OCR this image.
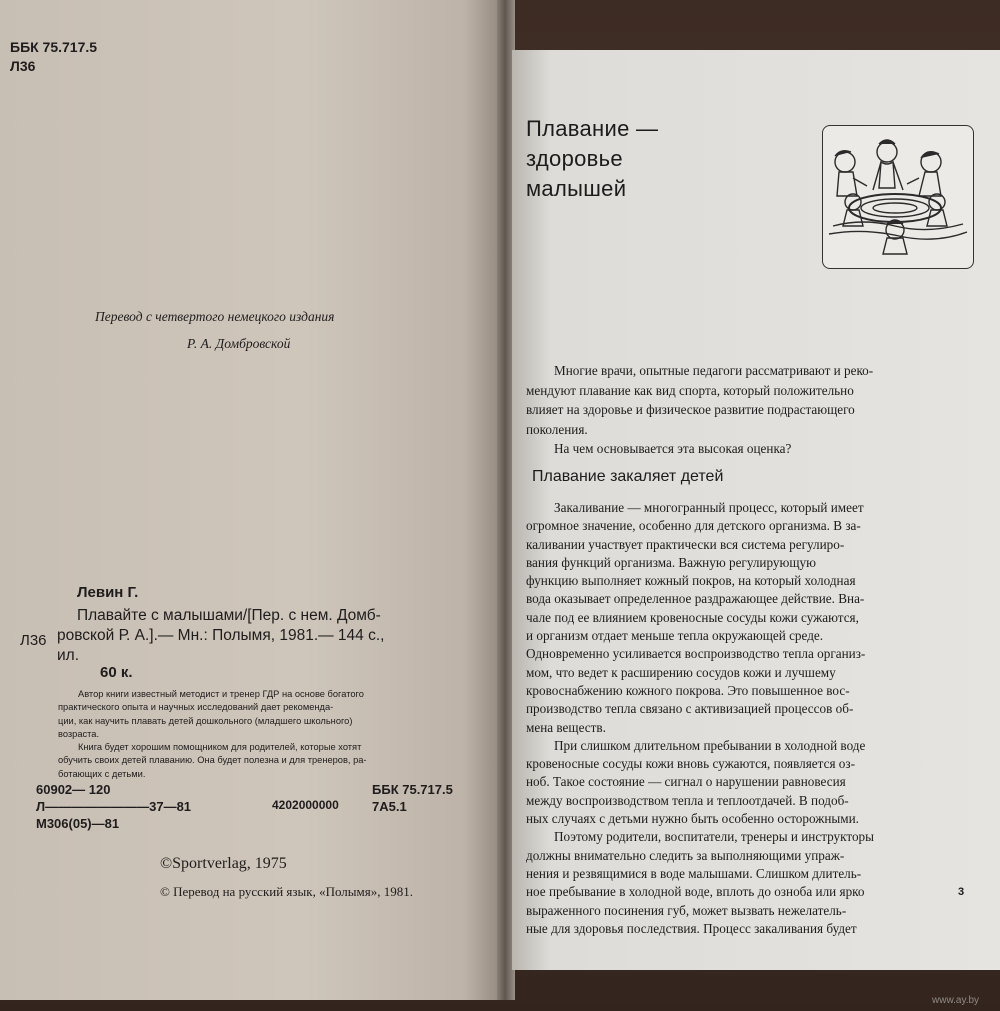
ББК 75.717.5
Л36
Перевод с четвертого немецкого издания
Р. А. Домбровской
Левин Г.
Л36
Плавайте с малышами/[Пер. с нем. Домб-
ровской Р. А.].— Мн.: Полымя, 1981.— 144 с.,
ил.
60 к.
Автор книги известный методист и тренер ГДР на основе богатого
практического опыта и научных исследований дает рекоменда-
ции, как научить плавать детей дошкольного (младшего школьного)
возраста.
Книга будет хорошим помощником для родителей, которые хотят
обучить своих детей плаванию. Она будет полезна и для тренеров, ра-
ботающих с детьми.
60902— 120
Л————————37—81
М306(05)—81
4202000000
ББК 75.717.5
7А5.1
©Sportverlag, 1975
© Перевод на русский язык, «Полымя», 1981.
Плавание —
здоровье
малышей
Многие врачи, опытные педагоги рассматривают и реко-
мендуют плавание как вид спорта, который положительно
влияет на здоровье и физическое развитие подрастающего
поколения.
На чем основывается эта высокая оценка?
Плавание закаляет детей
Закаливание — многогранный процесс, который имеет
огромное значение, особенно для детского организма. В за-
каливании участвует практически вся система регулиро-
вания функций организма. Важную регулирующую
функцию выполняет кожный покров, на который холодная
вода оказывает определенное раздражающее действие. Вна-
чале под ее влиянием кровеносные сосуды кожи сужаются,
и организм отдает меньше тепла окружающей среде.
Одновременно усиливается воспроизводство тепла организ-
мом, что ведет к расширению сосудов кожи и лучшему
кровоснабжению кожного покрова. Это повышенное вос-
производство тепла связано с активизацией процессов об-
мена веществ.
При слишком длительном пребывании в холодной воде
кровеносные сосуды кожи вновь сужаются, появляется оз-
ноб. Такое состояние — сигнал о нарушении равновесия
между воспроизводством тепла и теплоотдачей. В подоб-
ных случаях с детьми нужно быть особенно осторожными.
Поэтому родители, воспитатели, тренеры и инструкторы
должны внимательно следить за выполняющими упраж-
нения и резвящимися в воде малышами. Слишком длитель-
ное пребывание в холодной воде, вплоть до озноба или ярко
выраженного посинения губ, может вызвать нежелатель-
ные для здоровья последствия. Процесс закаливания будет
3
www.ay.by
